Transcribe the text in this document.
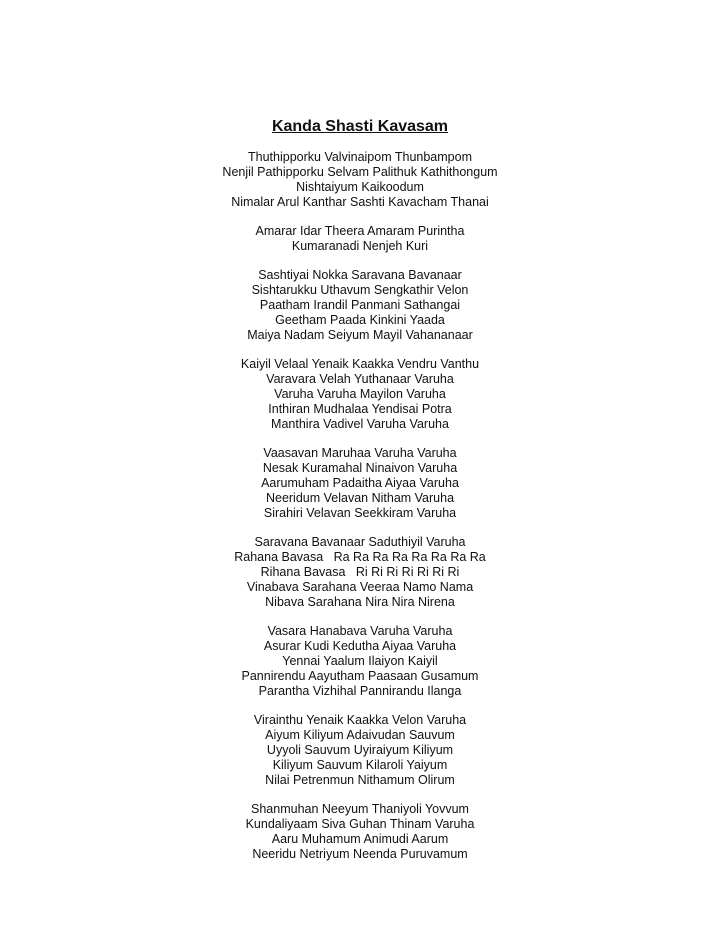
Kanda Shasti Kavasam
Thuthipporku Valvinaipom Thunbampom
Nenjil Pathipporku Selvam Palithuk Kathithongum
Nishtaiyum Kaikoodum
Nimalar Arul Kanthar Sashti Kavacham Thanai
Amarar Idar Theera Amaram Purintha
Kumaranadi Nenjeh Kuri
Sashtiyai Nokka Saravana Bavanaar
Sishtarukku Uthavum Sengkathir Velon
Paatham Irandil Panmani Sathangai
Geetham Paada Kinkini Yaada
Maiya Nadam Seiyum Mayil Vahananaar
Kaiyil Velaal Yenaik Kaakka Vendru Vanthu
Varavara Velah Yuthanaar Varuha
Varuha Varuha Mayilon Varuha
Inthiran Mudhalaa Yendisai Potra
Manthira Vadivel Varuha Varuha
Vaasavan Maruhaa Varuha Varuha
Nesak Kuramahal Ninaivon Varuha
Aarumuham Padaitha Aiyaa Varuha
Neeridum Velavan Nitham Varuha
Sirahiri Velavan Seekkiram Varuha
Saravana Bavanaar Saduthiyil Varuha
Rahana Bavasa   Ra Ra Ra Ra Ra Ra Ra Ra
Rihana Bavasa   Ri Ri Ri Ri Ri Ri Ri
Vinabava Sarahana Veeraa Namo Nama
Nibava Sarahana Nira Nira Nirena
Vasara Hanabava Varuha Varuha
Asurar Kudi Kedutha Aiyaa Varuha
Yennai Yaalum Ilaiyon Kaiyil
Pannirendu Aayutham Paasaan Gusamum
Parantha Vizhihal Pannirandu Ilanga
Virainthu Yenaik Kaakka Velon Varuha
Aiyum Kiliyum Adaivudan Sauvum
Uyyoli Sauvum Uyiraiyum Kiliyum
Kiliyum Sauvum Kilaroli Yaiyum
Nilai Petrenmun Nithamum Olirum
Shanmuhan Neeyum Thaniyoli Yovvum
Kundaliyaam Siva Guhan Thinam Varuha
Aaru Muhamum Animudi Aarum
Neeridu Netriyum Neenda Puruvamum
